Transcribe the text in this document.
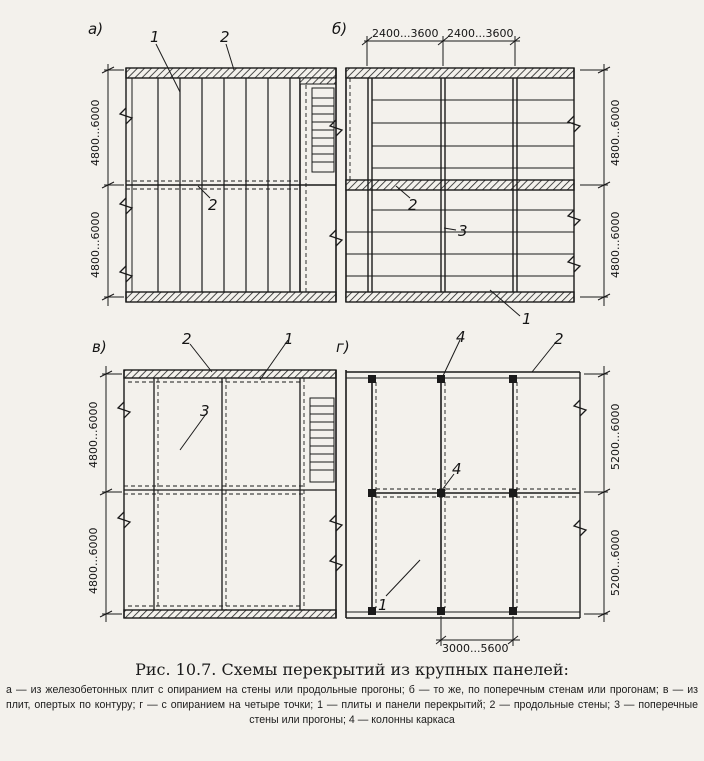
а)	б)
в)	г)
1	2
2	2
3
1
2	1
3
4	2
4
1
4800...6000
4800...6000
4800...6000
4800...6000
2400...3600 2400...3600
4800...6000
4800...6000
5200...6000
5200...6000
3000...5600
Рис. 10.7. Схемы перекрытий из крупных панелей:
а — из железобетонных плит с опиранием на стены или продольные прогоны; б — то же, по поперечным стенам или прогонам; в — из плит, опертых по контуру; г — с опиранием на четыре точки; 1 — плиты и панели перекрытий; 2 — продольные стены; 3 — поперечные стены или прогоны; 4 — колонны каркаса
